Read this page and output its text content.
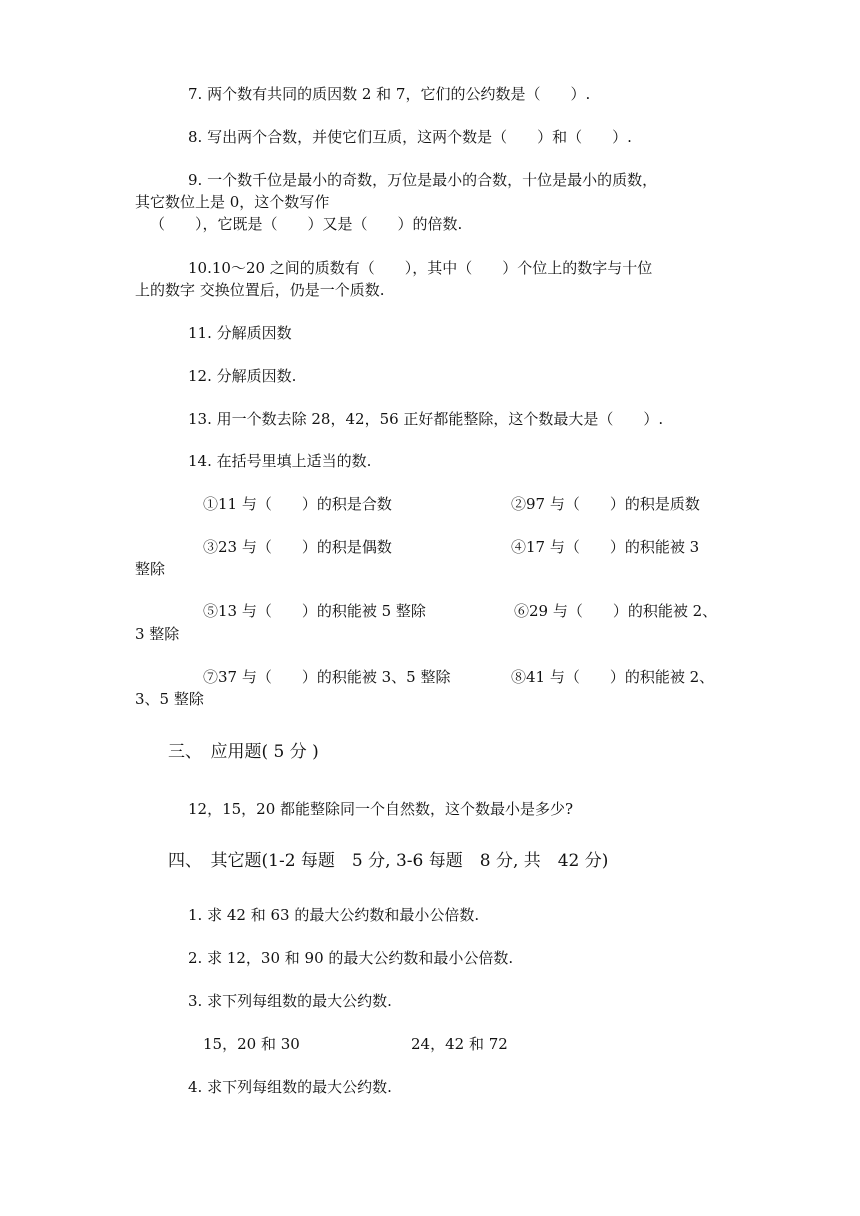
7. 两个数有共同的质因数 2 和 7，它们的公约数是（　　）.
8. 写出两个合数，并使它们互质，这两个数是（　　）和（　　）.
9. 一个数千位是最小的奇数，万位是最小的合数，十位是最小的质数，
其它数位上是 0，这个数写作
（　　），它既是（　　）又是（　　）的倍数.
10.10～20 之间的质数有（　　），其中（　　）个位上的数字与十位
上的数字 交换位置后，仍是一个质数.
11. 分解质因数
12. 分解质因数.
13. 用一个数去除 28，42，56 正好都能整除，这个数最大是（　　）.
14. 在括号里填上适当的数.
①11 与（　　）的积是合数	②97 与（　　）的积是质数
③23 与（　　）的积是偶数	④17 与（　　）的积能被 3
整除
⑤13 与（　　）的积能被 5 整除	⑥29 与（　　）的积能被 2、
3 整除
⑦37 与（　　）的积能被 3、5 整除	⑧41 与（　　）的积能被 2、
3、5 整除
三、　应用题( 5 分 )
12，15，20 都能整除同一个自然数，这个数最小是多少?
四、　其它题(1-2 每题　5 分, 3-6 每题　8 分, 共　42 分)
1. 求 42 和 63 的最大公约数和最小公倍数.
2. 求 12，30 和 90 的最大公约数和最小公倍数.
3. 求下列每组数的最大公约数.
15，20 和 30	24，42 和 72
4. 求下列每组数的最大公约数.
